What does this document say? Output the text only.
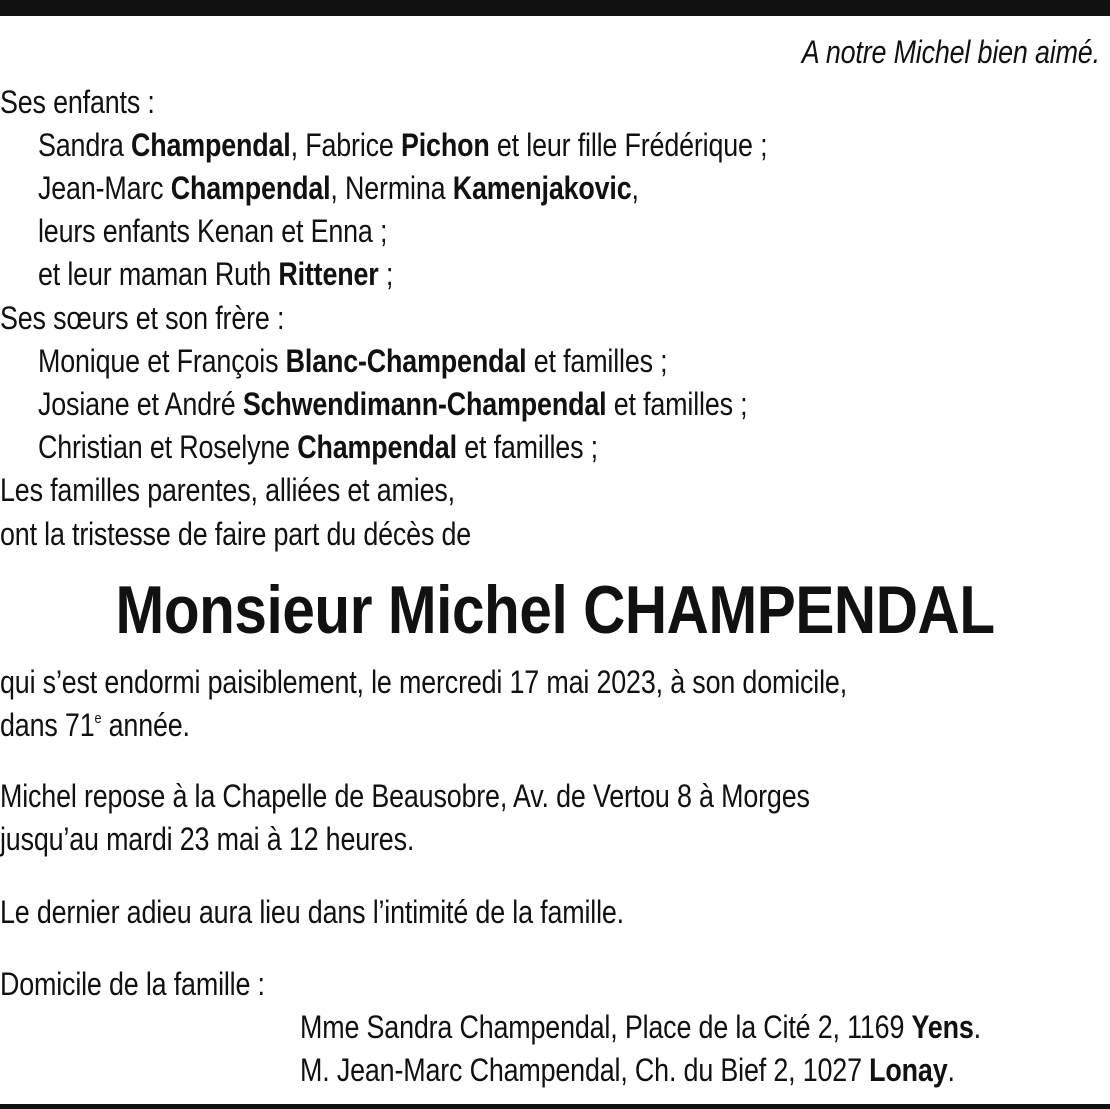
A notre Michel bien aimé.
Ses enfants :
Sandra Champendal, Fabrice Pichon et leur fille Frédérique ;
Jean-Marc Champendal, Nermina Kamenjakovic,
leurs enfants Kenan et Enna ;
et leur maman Ruth Rittener ;
Ses sœurs et son frère :
Monique et François Blanc-Champendal et familles ;
Josiane et André Schwendimann-Champendal et familles ;
Christian et Roselyne Champendal et familles ;
Les familles parentes, alliées et amies,
ont la tristesse de faire part du décès de
Monsieur Michel CHAMPENDAL
qui s’est endormi paisiblement, le mercredi 17 mai 2023, à son domicile,
dans 71e année.
Michel repose à la Chapelle de Beausobre, Av. de Vertou 8 à Morges
jusqu’au mardi 23 mai à 12 heures.
Le dernier adieu aura lieu dans l’intimité de la famille.
Domicile de la famille :
Mme Sandra Champendal, Place de la Cité 2, 1169 Yens.
M. Jean-Marc Champendal, Ch. du Bief 2, 1027 Lonay.
